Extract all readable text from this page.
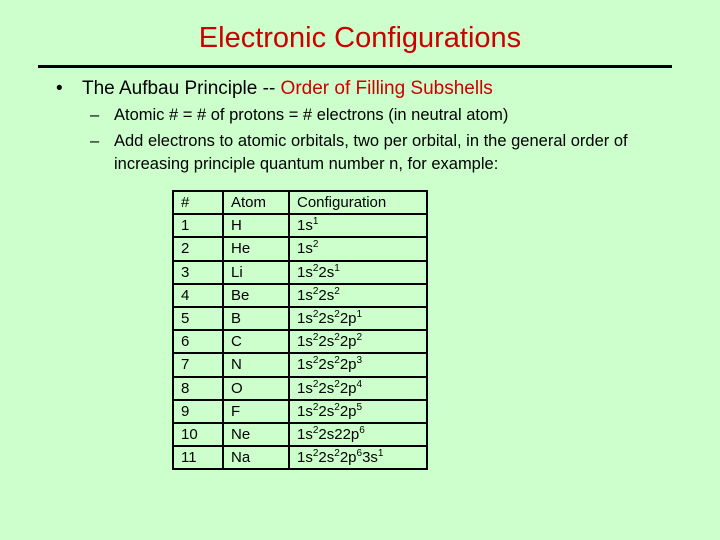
Electronic Configurations
• The Aufbau Principle -- Order of Filling Subshells
– Atomic # = # of protons = # electrons (in neutral atom)
– Add electrons to atomic orbitals, two per orbital, in the general order of increasing principle quantum number n, for example:
#	Atom	Configuration
1	H	$1s^1$
2	He	$1s^2$
3	Li	$1s^22s^1$
4	Be	$1s^22s^2$
5	B	$1s^22s^22p^1$
6	C	$1s^22s^22p^2$
7	N	$1s^22s^22p^3$
8	O	$1s^22s^22p^4$
9	F	$1s^22s^22p^5$
10	Ne	$1s^22s22p^6$
11	Na	$1s^22s^22p^63s^1$
